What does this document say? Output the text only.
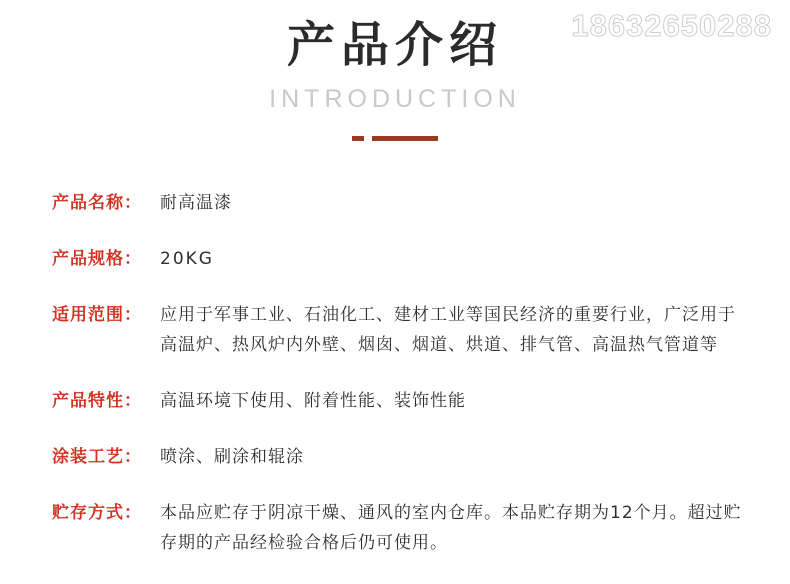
18632650288
产品介绍
INTRODUCTION
产品名称：	耐高温漆
产品规格：	20KG
适用范围：	应用于军事工业、石油化工、建材工业等国民经济的重要行业，广泛用于高温炉、热风炉内外壁、烟囱、烟道、烘道、排气管、高温热气管道等
产品特性：	高温环境下使用、附着性能、装饰性能
涂装工艺：	喷涂、刷涂和辊涂
贮存方式：	本品应贮存于阴凉干燥、通风的室内仓库。本品贮存期为12个月。超过贮存期的产品经检验合格后仍可使用。
